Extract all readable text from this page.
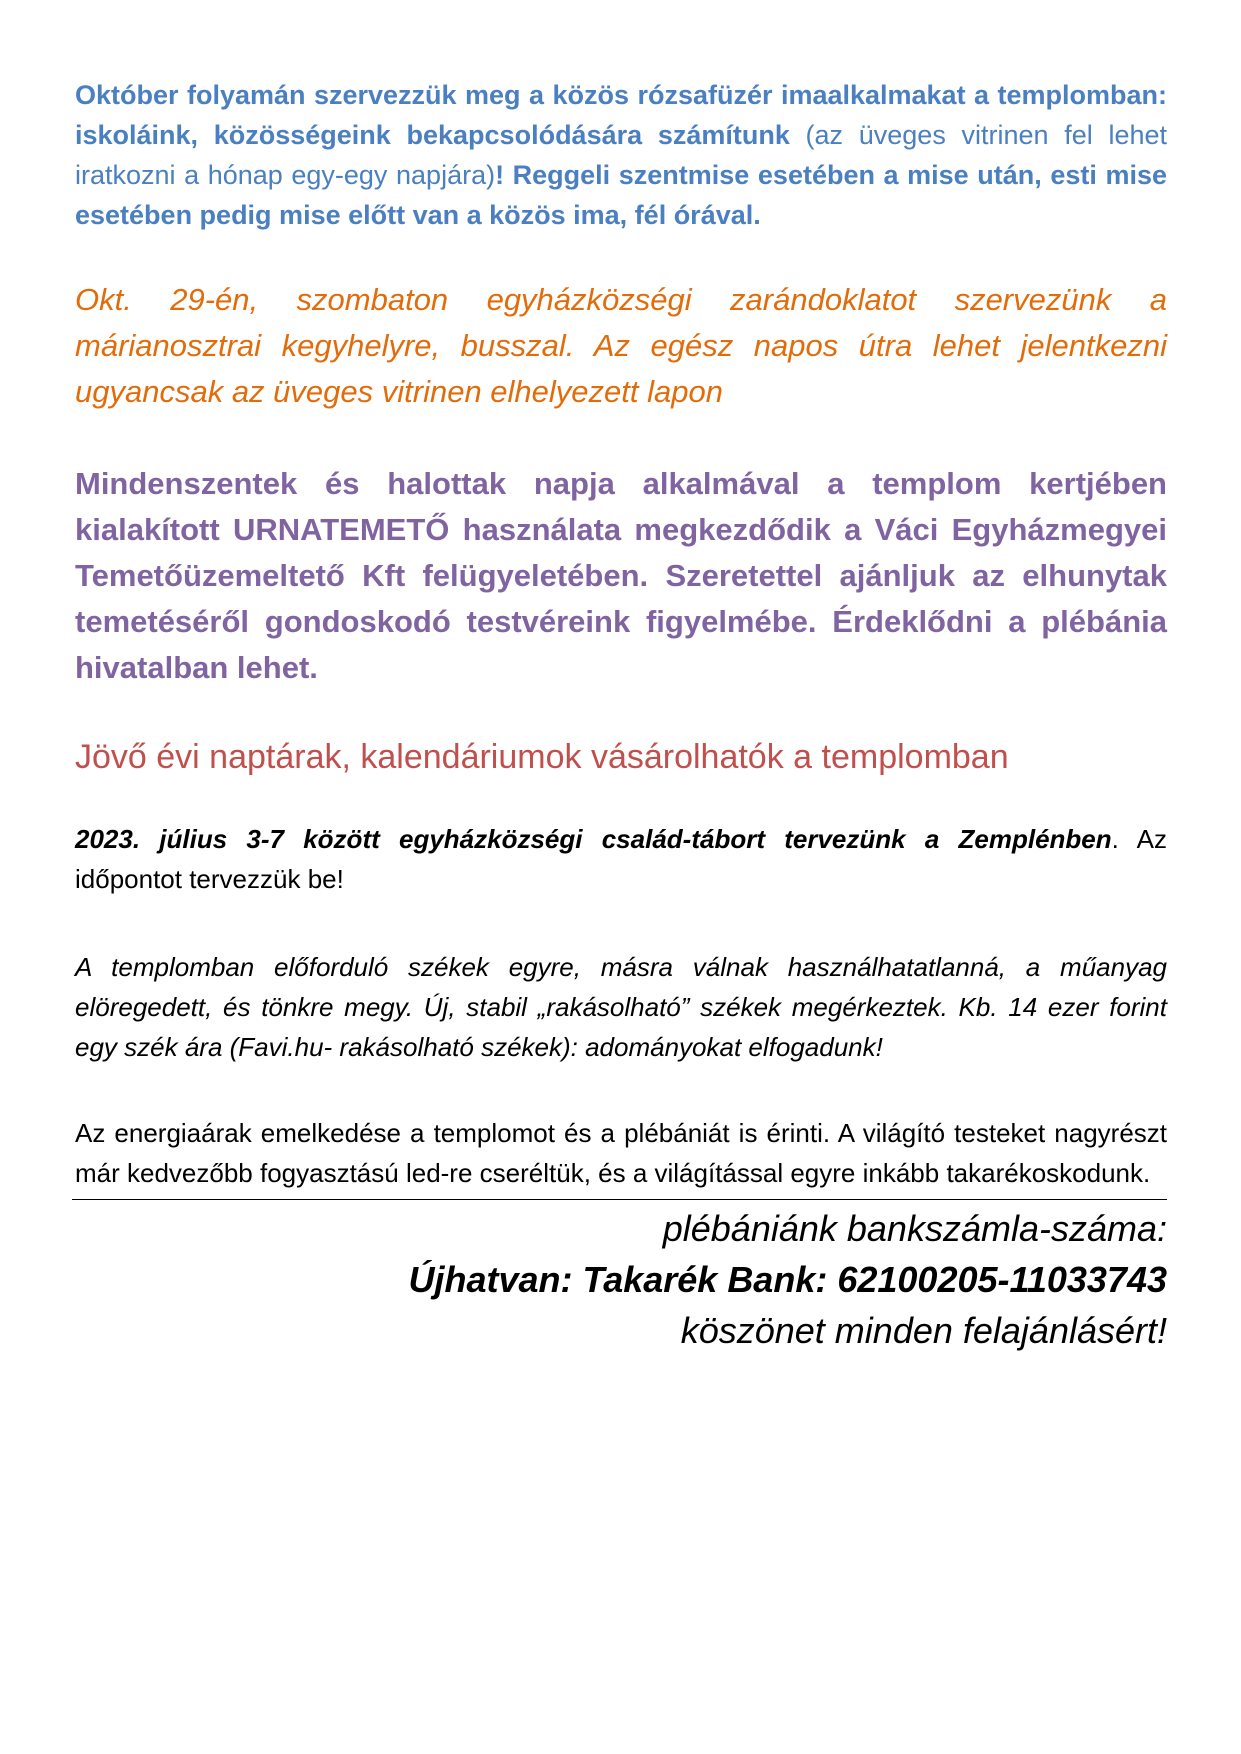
Október folyamán szervezzük meg a közös rózsafüzér imaalkalmakat a templomban: iskoláink, közösségeink bekapcsolódására számítunk (az üveges vitrinen fel lehet iratkozni a hónap egy-egy napjára)! Reggeli szentmise esetében a mise után, esti mise esetében pedig mise előtt van a közös ima, fél órával.

Okt. 29-én, szombaton egyházközségi zarándoklatot szervezünk a márianosztrai kegyhelyre, busszal. Az egész napos útra lehet jelentkezni ugyancsak az üveges vitrinen elhelyezett lapon

Mindenszentek és halottak napja alkalmával a templom kertjében kialakított URNATEMETŐ használata megkezdődik a Váci Egyházmegyei Temetőüzemeltető Kft felügyeletében. Szeretettel ajánljuk az elhunytak temetéséről gondoskodó testvéreink figyelmébe. Érdeklődni a plébánia hivatalban lehet.

Jövő évi naptárak, kalendáriumok vásárolhatók a templomban

2023. július 3-7 között egyházközségi család-tábort tervezünk a Zemplénben. Az időpontot tervezzük be!

A templomban előforduló székek egyre, másra válnak használhatatlanná, a műanyag elöregedett, és tönkre megy. Új, stabil „rakásolható” székek megérkeztek. Kb. 14 ezer forint egy szék ára (Favi.hu- rakásolható székek): adományokat elfogadunk!

Az energiaárak emelkedése a templomot és a plébániát is érinti. A világító testeket nagyrészt már kedvezőbb fogyasztású led-re cseréltük, és a világítással egyre inkább takarékoskodunk.

plébániánk bankszámla-száma:
Újhatvan: Takarék Bank: 62100205-11033743
köszönet minden felajánlásért!
